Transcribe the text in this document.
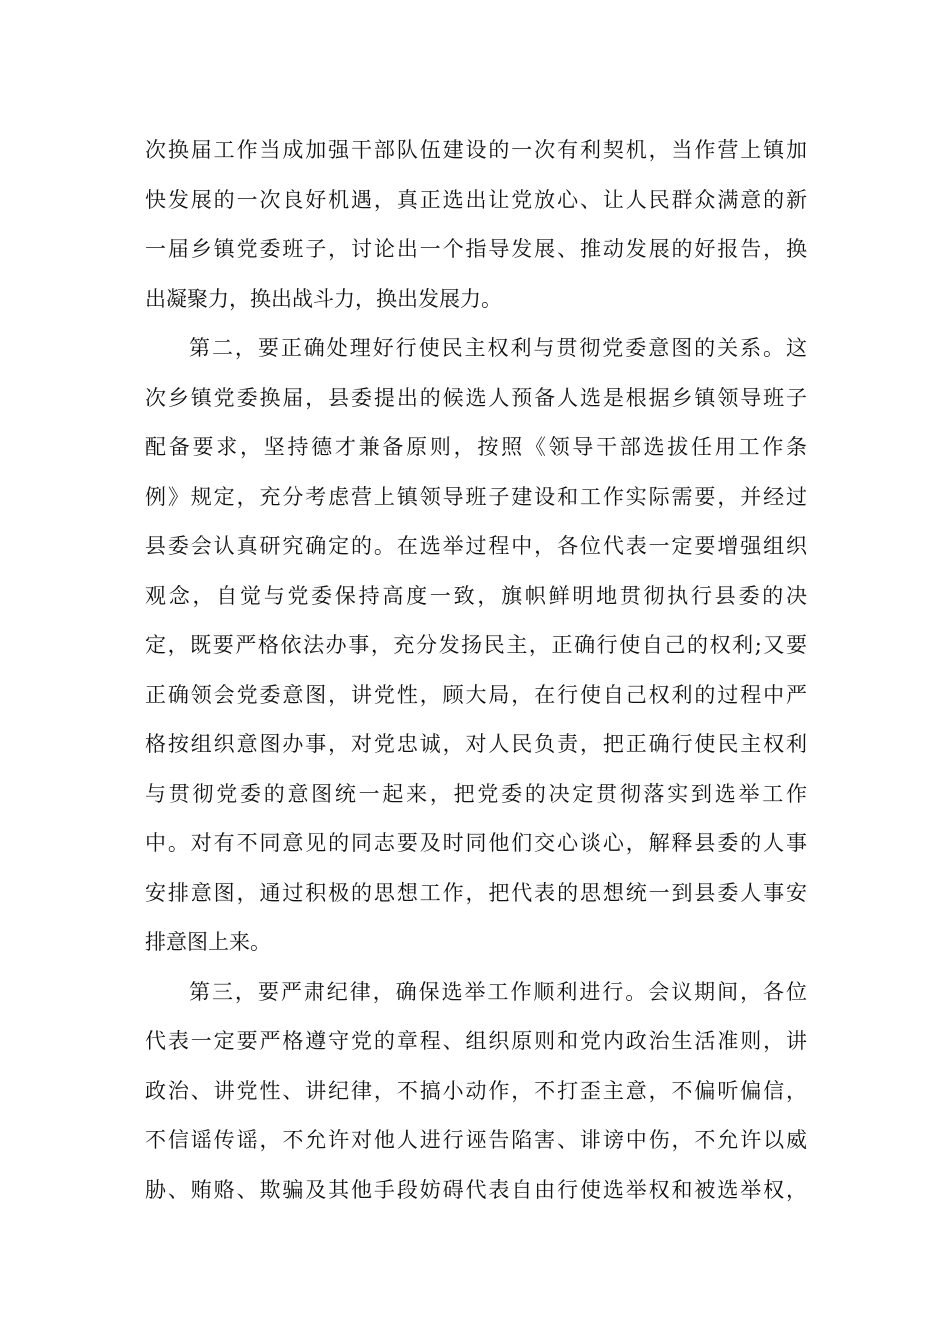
次换届工作当成加强干部队伍建设的一次有利契机，当作营上镇加
快发展的一次良好机遇，真正选出让党放心、让人民群众满意的新
一届乡镇党委班子，讨论出一个指导发展、推动发展的好报告，换
出凝聚力，换出战斗力，换出发展力。
第二，要正确处理好行使民主权利与贯彻党委意图的关系。这
次乡镇党委换届，县委提出的候选人预备人选是根据乡镇领导班子
配备要求，坚持德才兼备原则，按照《领导干部选拔任用工作条
例》规定，充分考虑营上镇领导班子建设和工作实际需要，并经过
县委会认真研究确定的。在选举过程中，各位代表一定要增强组织
观念，自觉与党委保持高度一致，旗帜鲜明地贯彻执行县委的决
定，既要严格依法办事，充分发扬民主，正确行使自己的权利;又要
正确领会党委意图，讲党性，顾大局，在行使自己权利的过程中严
格按组织意图办事，对党忠诚，对人民负责，把正确行使民主权利
与贯彻党委的意图统一起来，把党委的决定贯彻落实到选举工作
中。对有不同意见的同志要及时同他们交心谈心，解释县委的人事
安排意图，通过积极的思想工作，把代表的思想统一到县委人事安
排意图上来。
第三，要严肃纪律，确保选举工作顺利进行。会议期间，各位
代表一定要严格遵守党的章程、组织原则和党内政治生活准则，讲
政治、讲党性、讲纪律，不搞小动作，不打歪主意，不偏听偏信，
不信谣传谣，不允许对他人进行诬告陷害、诽谤中伤，不允许以威
胁、贿赂、欺骗及其他手段妨碍代表自由行使选举权和被选举权，
